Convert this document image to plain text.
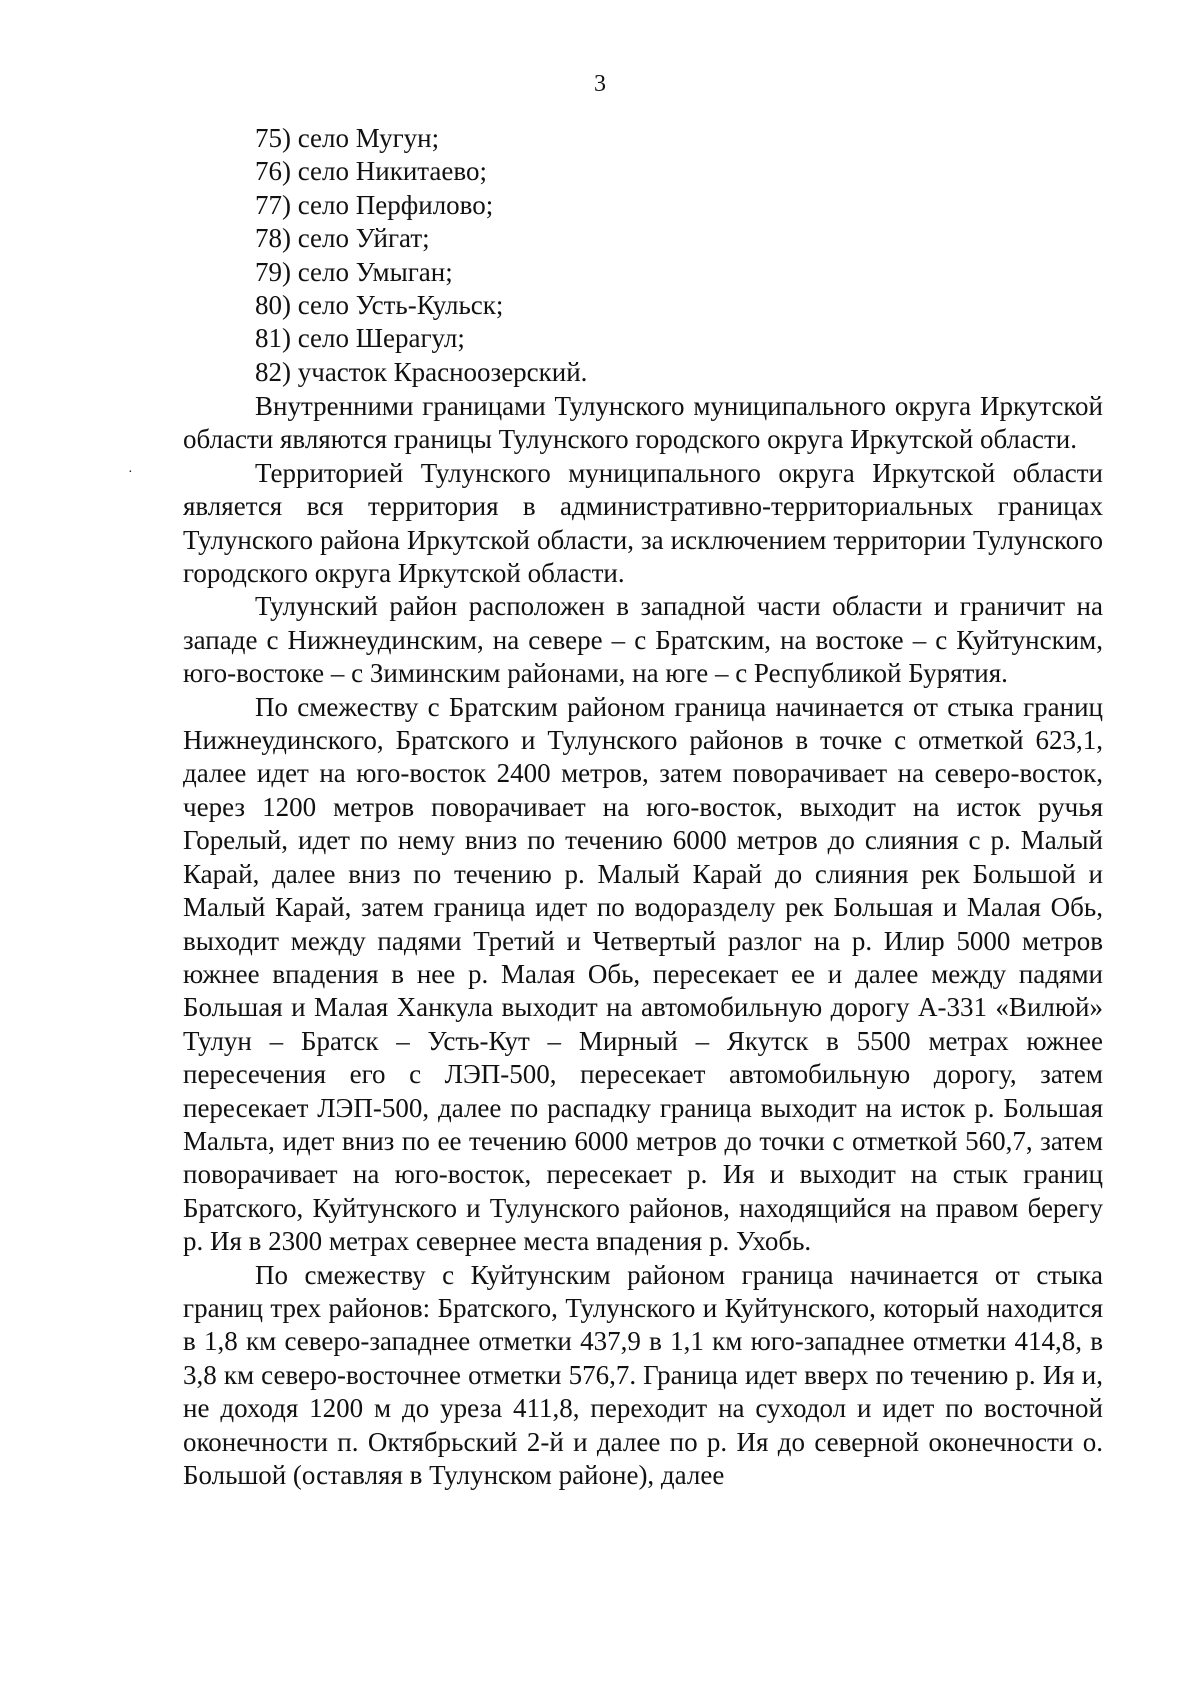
3
75) село Мугун;
76) село Никитаево;
77) село Перфилово;
78) село Уйгат;
79) село Умыган;
80) село Усть-Кульск;
81) село Шерагул;
82) участок Красноозерский.
·

Внутренними границами Тулунского муниципального округа Иркутской области являются границы Тулунского городского округа Иркутской области.

Территорией Тулунского муниципального округа Иркутской области является вся территория в административно-территориальных границах Тулунского района Иркутской области, за исключением территории Тулунского городского округа Иркутской области.

Тулунский район расположен в западной части области и граничит на западе с Нижнеудинским, на севере – с Братским, на востоке – с Куйтунским, юго-востоке – с Зиминским районами, на юге – с Республикой Бурятия.

По смежеству с Братским районом граница начинается от стыка границ Нижнеудинского, Братского и Тулунского районов в точке с отметкой 623,1, далее идет на юго-восток 2400 метров, затем поворачивает на северо-восток, через 1200 метров поворачивает на юго-восток, выходит на исток ручья Горелый, идет по нему вниз по течению 6000 метров до слияния с р. Малый Карай, далее вниз по течению р. Малый Карай до слияния рек Большой и Малый Карай, затем граница идет по водоразделу рек Большая и Малая Обь, выходит между падями Третий и Четвертый разлог на р. Илир 5000 метров южнее впадения в нее р. Малая Обь, пересекает ее и далее между падями Большая и Малая Ханкула выходит на автомобильную дорогу А-331 «Вилюй» Тулун – Братск – Усть-Кут – Мирный – Якутск в 5500 метрах южнее пересечения его с ЛЭП-500, пересекает автомобильную дорогу, затем пересекает ЛЭП-500, далее по распадку граница выходит на исток р. Большая Мальта, идет вниз по ее течению 6000 метров до точки с отметкой 560,7, затем поворачивает на юго-восток, пересекает р. Ия и выходит на стык границ Братского, Куйтунского и Тулунского районов, находящийся на правом берегу р. Ия в 2300 метрах севернее места впадения р. Ухобь.

По смежеству с Куйтунским районом граница начинается от стыка границ трех районов: Братского, Тулунского и Куйтунского, который находится в 1,8 км северо-западнее отметки 437,9 в 1,1 км юго-западнее отметки 414,8, в 3,8 км северо-восточнее отметки 576,7. Граница идет вверх по течению р. Ия и, не доходя 1200 м до уреза 411,8, переходит на суходол и идет по восточной оконечности п. Октябрьский 2-й и далее по р. Ия до северной оконечности о. Большой (оставляя в Тулунском районе), далее
